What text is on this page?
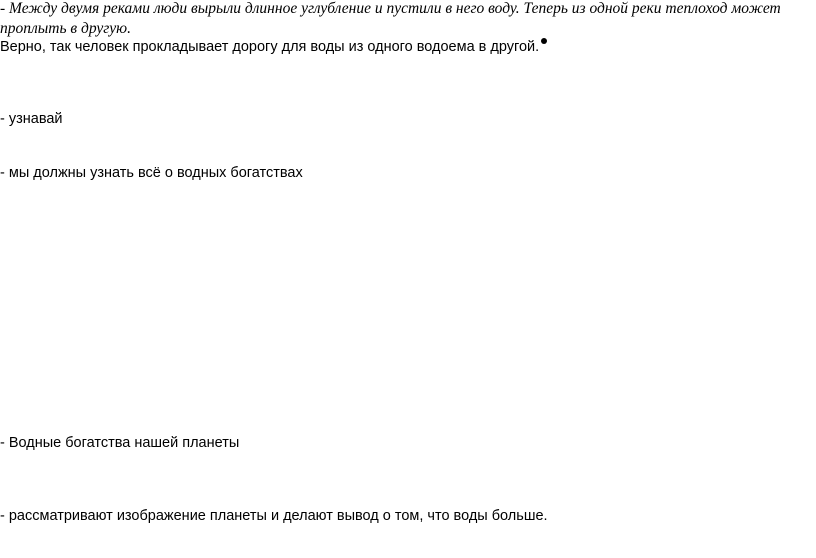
- Между двумя реками люди вырыли длинное углубление и пустили в него воду. Теперь из одной реки теплоход может проплыть в другую.

Верно, так человек прокладывает дорогу для воды из одного водоема в другой.

- узнавай

- мы должны узнать всё о водных богатствах

- Водные богатства нашей планеты

- рассматривают изображение планеты и делают вывод о том, что воды больше.
